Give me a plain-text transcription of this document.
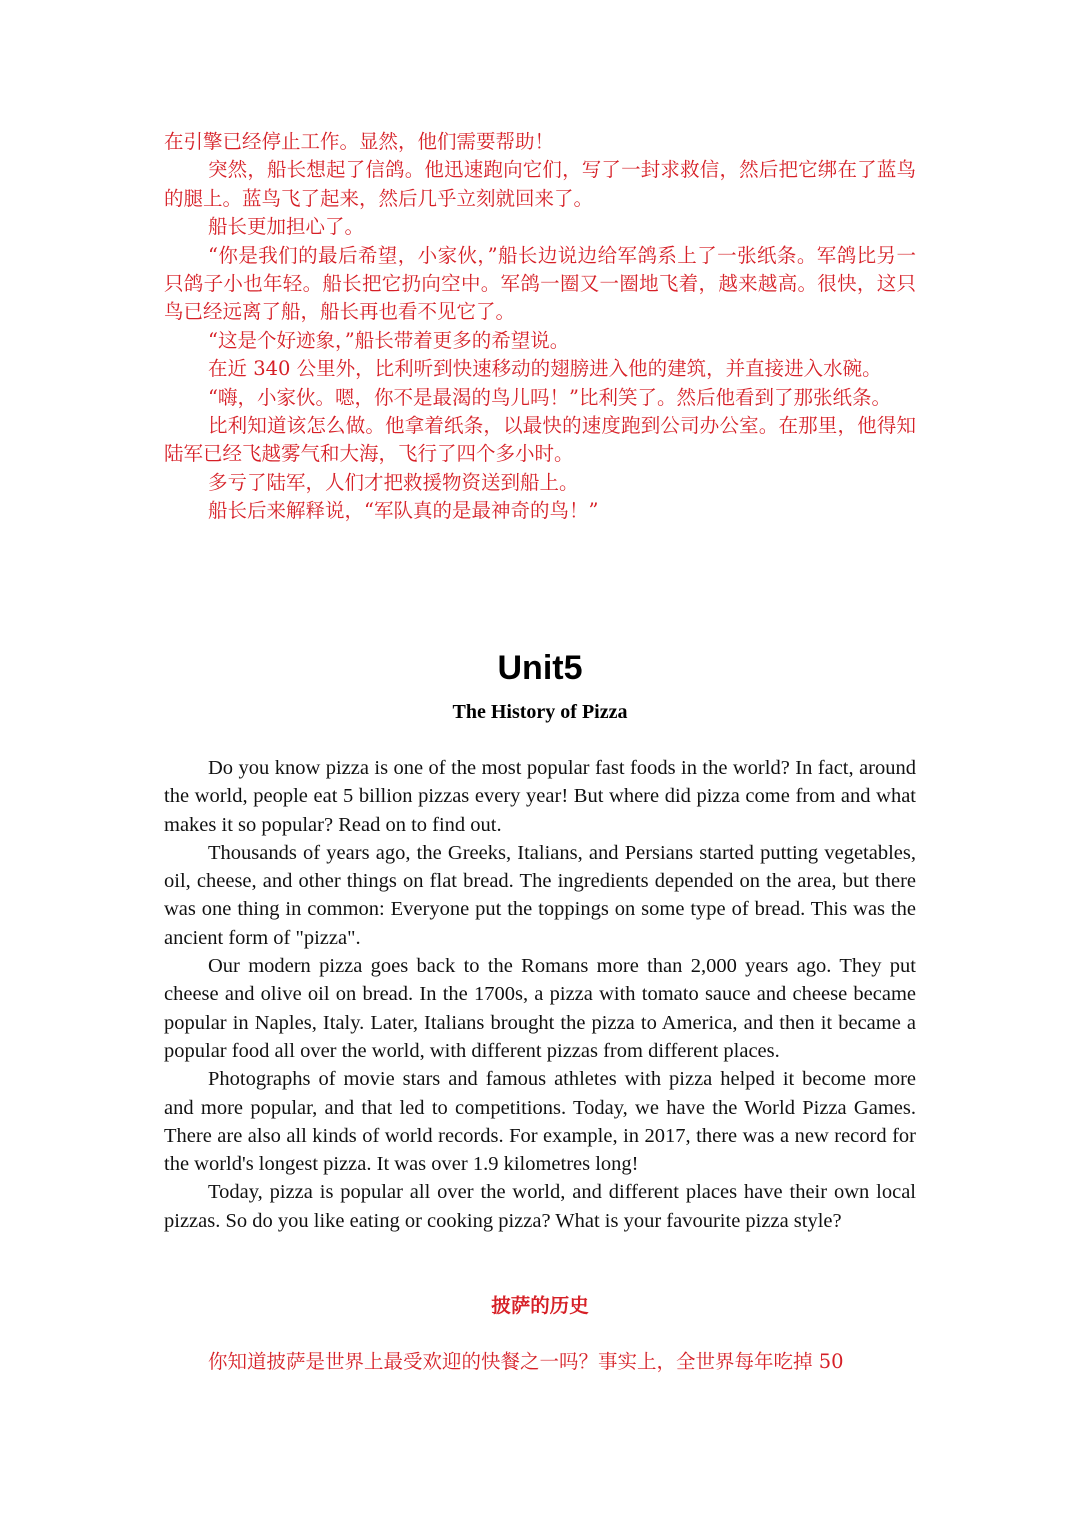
在引擎已经停止工作。显然，他们需要帮助！

突然，船长想起了信鸽。他迅速跑向它们，写了一封求救信，然后把它绑在了蓝鸟的腿上。蓝鸟飞了起来，然后几乎立刻就回来了。

船长更加担心了。

“你是我们的最后希望，小家伙，”船长边说边给军鸽系上了一张纸条。军鸽比另一只鸽子小也年轻。船长把它扔向空中。军鸽一圈又一圈地飞着，越来越高。很快，这只鸟已经远离了船，船长再也看不见它了。

“这是个好迹象，”船长带着更多的希望说。

在近 340 公里外，比利听到快速移动的翅膀进入他的建筑，并直接进入水碗。

“嗨，小家伙。嗯，你不是最渴的鸟儿吗！”比利笑了。然后他看到了那张纸条。

比利知道该怎么做。他拿着纸条，以最快的速度跑到公司办公室。在那里，他得知陆军已经飞越雾气和大海，飞行了四个多小时。

多亏了陆军，人们才把救援物资送到船上。

船长后来解释说，“军队真的是最神奇的鸟！”

Unit5
The History of Pizza

Do you know pizza is one of the most popular fast foods in the world? In fact, around the world, people eat 5 billion pizzas every year! But where did pizza come from and what makes it so popular? Read on to find out.

Thousands of years ago, the Greeks, Italians, and Persians started putting vegetables, oil, cheese, and other things on flat bread. The ingredients depended on the area, but there was one thing in common: Everyone put the toppings on some type of bread. This was the ancient form of "pizza".

Our modern pizza goes back to the Romans more than 2,000 years ago. They put cheese and olive oil on bread. In the 1700s, a pizza with tomato sauce and cheese became popular in Naples, Italy. Later, Italians brought the pizza to America, and then it became a popular food all over the world, with different pizzas from different places.

Photographs of movie stars and famous athletes with pizza helped it become more and more popular, and that led to competitions. Today, we have the World Pizza Games. There are also all kinds of world records. For example, in 2017, there was a new record for the world's longest pizza. It was over 1.9 kilometres long!

Today, pizza is popular all over the world, and different places have their own local pizzas. So do you like eating or cooking pizza? What is your favourite pizza style?

披萨的历史

你知道披萨是世界上最受欢迎的快餐之一吗？事实上，全世界每年吃掉 50
